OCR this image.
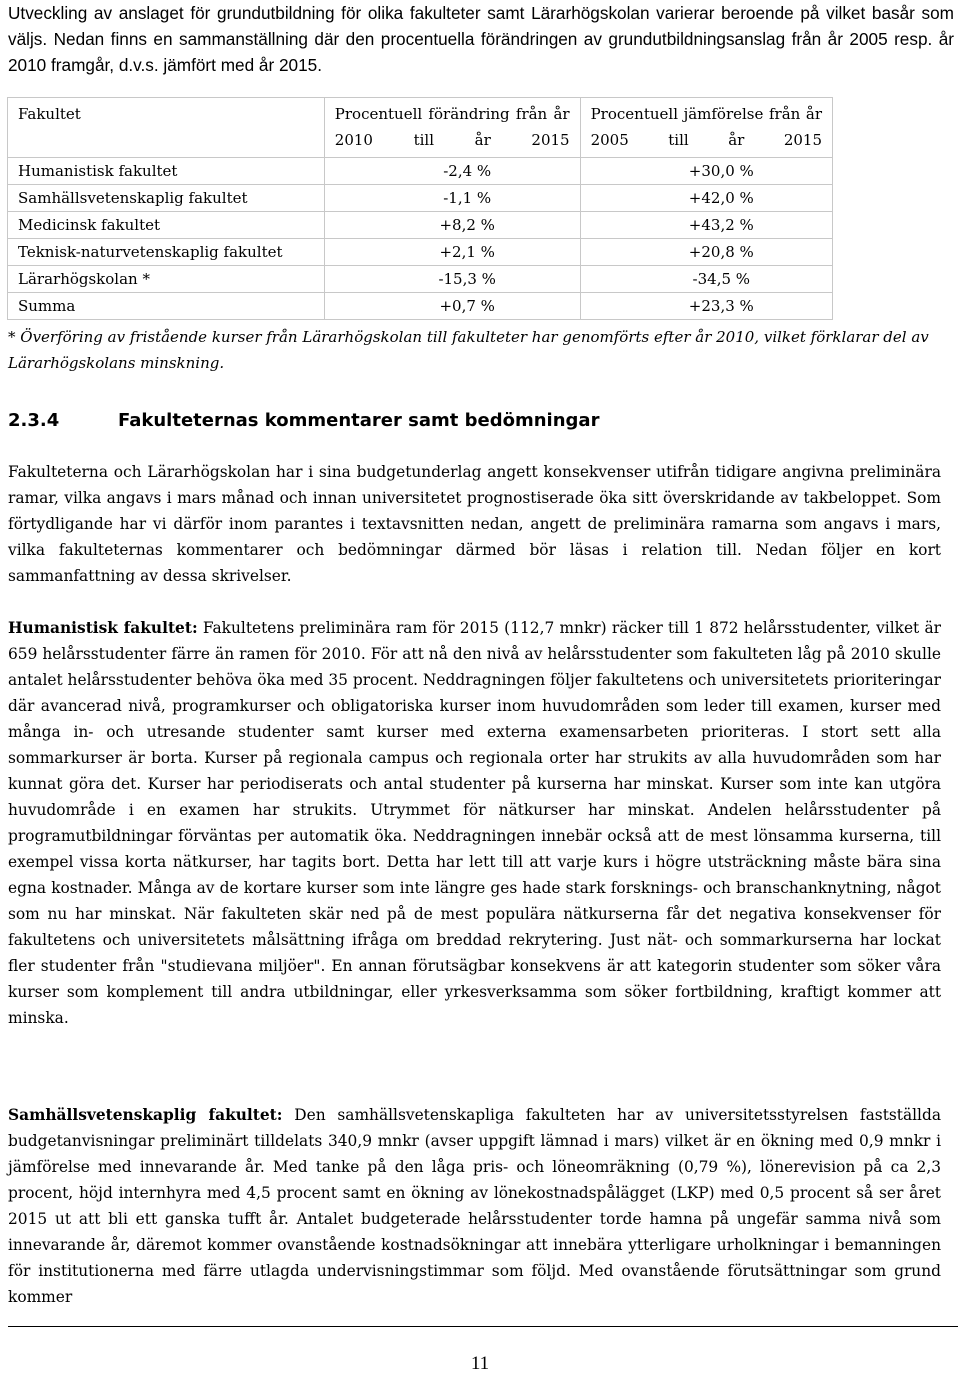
Utveckling av anslaget för grundutbildning för olika fakulteter samt Lärarhögskolan varierar beroende på vilket basår som väljs. Nedan finns en sammanställning där den procentuella förändringen av grundutbildningsanslag från år 2005 resp. år 2010 framgår, d.v.s. jämfört med år 2015.
Fakultet	Procentuell förändring från år 2010 till år 2015	Procentuell jämförelse från år 2005 till år 2015
Humanistisk fakultet	-2,4 %	+30,0 %
Samhällsvetenskaplig fakultet	-1,1 %	+42,0 %
Medicinsk fakultet	+8,2 %	+43,2 %
Teknisk-naturvetenskaplig fakultet	+2,1 %	+20,8 %
Lärarhögskolan *	-15,3 %	-34,5 %
Summa	+0,7 %	+23,3 %
* Överföring av fristående kurser från Lärarhögskolan till fakulteter har genomförts efter år 2010, vilket förklarar del av Lärarhögskolans minskning.
2.3.4	Fakulteternas kommentarer samt bedömningar
Fakulteterna och Lärarhögskolan har i sina budgetunderlag angett konsekvenser utifrån tidigare angivna preliminära ramar, vilka angavs i mars månad och innan universitetet prognostiserade öka sitt överskridande av takbeloppet. Som förtydligande har vi därför inom parantes i textavsnitten nedan, angett de preliminära ramarna som angavs i mars, vilka fakulteternas kommentarer och bedömningar därmed bör läsas i relation till. Nedan följer en kort sammanfattning av dessa skrivelser.
Humanistisk fakultet: Fakultetens preliminära ram för 2015 (112,7 mnkr) räcker till 1 872 helårsstudenter, vilket är 659 helårsstudenter färre än ramen för 2010. För att nå den nivå av helårsstudenter som fakulteten låg på 2010 skulle antalet helårsstudenter behöva öka med 35 procent. Neddragningen följer fakultetens och universitetets prioriteringar där avancerad nivå, programkurser och obligatoriska kurser inom huvudområden som leder till examen, kurser med många in- och utresande studenter samt kurser med externa examensarbeten prioriteras. I stort sett alla sommarkurser är borta. Kurser på regionala campus och regionala orter har strukits av alla huvudområden som har kunnat göra det. Kurser har periodiserats och antal studenter på kurserna har minskat. Kurser som inte kan utgöra huvudområde i en examen har strukits. Utrymmet för nätkurser har minskat. Andelen helårsstudenter på programutbildningar förväntas per automatik öka. Neddragningen innebär också att de mest lönsamma kurserna, till exempel vissa korta nätkurser, har tagits bort. Detta har lett till att varje kurs i högre utsträckning måste bära sina egna kostnader. Många av de kortare kurser som inte längre ges hade stark forsknings- och branschanknytning, något som nu har minskat. När fakulteten skär ned på de mest populära nätkurserna får det negativa konsekvenser för fakultetens och universitetets målsättning ifråga om breddad rekrytering. Just nät- och sommarkurserna har lockat fler studenter från "studievana miljöer". En annan förutsägbar konsekvens är att kategorin studenter som söker våra kurser som komplement till andra utbildningar, eller yrkesverksamma som söker fortbildning, kraftigt kommer att minska.
Samhällsvetenskaplig fakultet: Den samhällsvetenskapliga fakulteten har av universitetsstyrelsen fastställda budgetanvisningar preliminärt tilldelats 340,9 mnkr (avser uppgift lämnad i mars) vilket är en ökning med 0,9 mnkr i jämförelse med innevarande år. Med tanke på den låga pris- och löneomräkning (0,79 %), lönerevision på ca 2,3 procent, höjd internhyra med 4,5 procent samt en ökning av lönekostnadspålägget (LKP) med 0,5 procent så ser året 2015 ut att bli ett ganska tufft år. Antalet budgeterade helårsstudenter torde hamna på ungefär samma nivå som innevarande år, däremot kommer ovanstående kostnadsökningar att innebära ytterligare urholkningar i bemanningen för institutionerna med färre utlagda undervisningstimmar som följd. Med ovanstående förutsättningar som grund kommer
11
